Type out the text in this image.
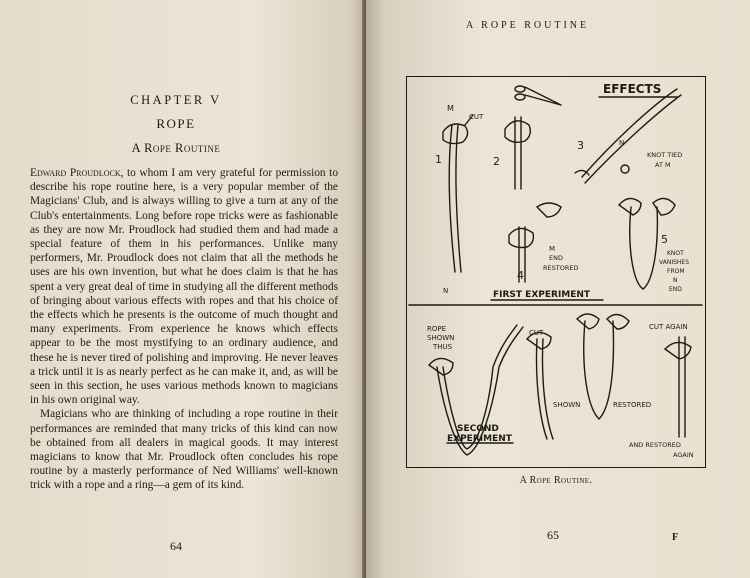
CHAPTER V
ROPE
A Rope Routine

Edward Proudlock, to whom I am very grateful for permission to describe his rope routine here, is a very popular member of the Magicians' Club, and is always willing to give a turn at any of the Club's entertainments. Long before rope tricks were as fashionable as they are now Mr. Proudlock had studied them and had made a special feature of them in his performances. Unlike many performers, Mr. Proudlock does not claim that all the methods he uses are his own invention, but what he does claim is that he has spent a very great deal of time in studying all the different methods of bringing about various effects with ropes and that his choice of the effects which he presents is the outcome of much thought and many experiments. From experience he knows which effects appear to be the most mystifying to an ordinary audience, and these he is never tired of polishing and improving. He never leaves a trick until it is as nearly perfect as he can make it, and, as will be seen in this section, he uses various methods known to magicians in his own original way.

Magicians who are thinking of including a rope routine in their performances are reminded that many tricks of this kind can now be obtained from all dealers in magical goods. It may interest magicians to know that Mr. Proudlock often concludes his rope routine by a masterly performance of Ned Williams' well-known trick with a rope and a ring—a gem of its kind.

64
A ROPE ROUTINE
EFFECTS
M
CUT
1	2
3
4
5
N
N
KNOT TIED
AT M
M
END
RESTORED
KNOT
VANISHES
FROM
N
END
FIRST EXPERIMENT
ROPE
SHOWN
THUS
CUT
SHOWN	RESTORED
CUT AGAIN
AND RESTORED
AGAIN
SECOND
EXPERIMENT
A Rope Routine.
65	F
